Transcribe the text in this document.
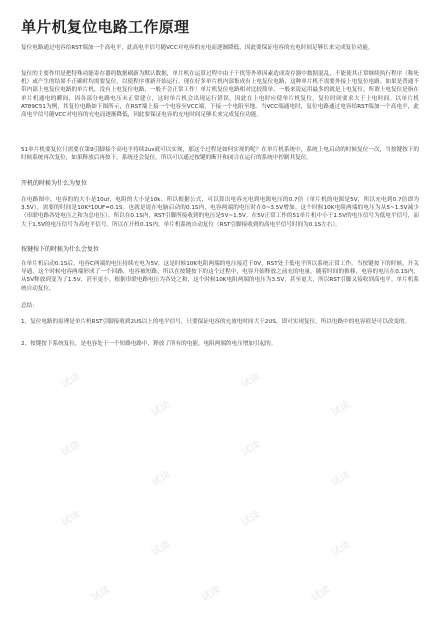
单片机复位电路工作原理

复位电路通过电容给RST端加一个高电平，此高电平信号随VCC对电容的充电而逐渐降低，因此要保证电容的充电时间足够长来完成复位功能。

复位的主要作用是把特殊功能寄存器的数据刷新为默认数据，单片机在运算过程中由于干扰等外界因素造成寄存器中数据混乱，不能使其正常继续执行程序（称死机）或产生的结果不正确时均需要复位，以使程序重新开始运行。现在好多单片机内部集成有上电复位电路，这种单片机不需要外接上电复位电路。如果是普通不带内部上电复位电路的单片机，没有上电复位电路，一般不会正常工作！单片机复位电路相对比较简单，一般来说运用最多的就是上电复位。所谓上电复位是指在单片机通电的瞬间，因各部分电路电压未正常建立，这时单片机会出现运行错误，因此在上电时应使单片机复位，复位时间要求大于上电时间。以单片机AT89C51为例，其复位电路如下图所示，在RST端上接一个电容至VCC端，下接一个电阻至地。当VCC端通电时，复位电路通过电容给RST端加一个高电平，此高电平信号随VCC对电容的充电而逐渐降低，因此要保证电容的充电时间足够长来完成复位功能。

51单片机要复位只需要在第9引脚接个高电平持续2us就可以实现，那这个过程是如何实现的呢？在单片机系统中，系统上电启动的时候复位一次，当按键按下的时候系统再次复位，如果释放后再按下，系统还会复位。所以可以通过按键的断开和闭合在运行的系统中控制其复位。

开机的时候为什么为复位

在电路图中，电容的的大小是10uf，电阻的大小是10k。所以根据公式，可以算出电容充电到电源电压的0.7倍（单片机的电源是5V，所以充电到0.7倍即为3.5V），需要的时间是10K*10UF=0.1S。也就是说在电脑启动的0.1S内，电容两端的电压时在0~3.5V增加。这个时候10K电阻两端的电压为从5~1.5V减少（串联电路各处电压之和为总电压）。所以在0.1S内，RST引脚所接收到的电压是5V~1.5V。在5V正常工作的51单片机中小于1.5V的电压信号为低电平信号，而大于1.5V的电压信号为高电平信号。所以在开机0.1S内，单片机系统自动复位（RST引脚接收到的高电平信号时间为0.1S左右）。

按键按下的时候为什么会复位

在单片机启动0.1S后，电容C两端的电压持续充电为5V，这是时候10K电阻两端的电压接近于0V，RST处于低电平所以系统正常工作。当按键按下的时候，开关导通，这个时候电容两端形成了一个回路，电容被短路，所以在按键按下的这个过程中，电容开始释放之前充的电量。随着时间的推移，电容的电压在0.1S内，从5V释放到变为了1.5V，甚至更小。根据串联电路电压为各处之和，这个时候10K电阻两端的电压为3.5V，甚至更大，所以RST引脚又接收到高电平。单片机系统自动复位。

总结：

1、复位电路的原理是单片机RST引脚接收到2US以上的电平信号，只要保证电容的充放电时间大于2US，即可实现复位，所以电路中的电容值是可以改变的。

2、按键按下系统复位，是电容处于一个短路电路中，释放了所有的电能，电阻两端的电压增加引起的。

试读
试读
试读
试读
试读
试读
试读
试读
试读
试读
试读
试读
试读	试读	试读
